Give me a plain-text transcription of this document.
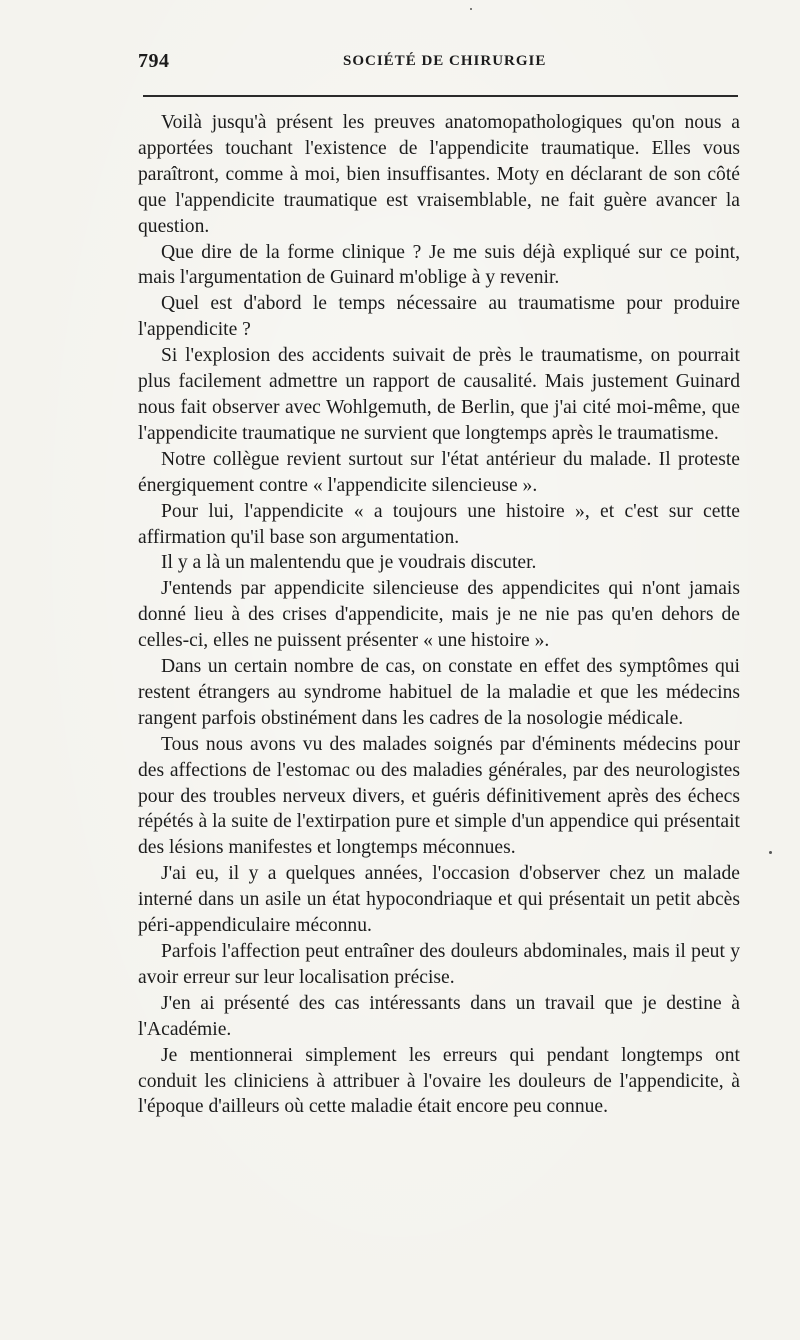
794	SOCIÉTÉ DE CHIRURGIE

Voilà jusqu'à présent les preuves anatomopathologiques qu'on nous a apportées touchant l'existence de l'appendicite traumatique. Elles vous paraîtront, comme à moi, bien insuffisantes. Moty en déclarant de son côté que l'appendicite traumatique est vraisemblable, ne fait guère avancer la question.

Que dire de la forme clinique ? Je me suis déjà expliqué sur ce point, mais l'argumentation de Guinard m'oblige à y revenir.

Quel est d'abord le temps nécessaire au traumatisme pour produire l'appendicite ?

Si l'explosion des accidents suivait de près le traumatisme, on pourrait plus facilement admettre un rapport de causalité. Mais justement Guinard nous fait observer avec Wohlgemuth, de Berlin, que j'ai cité moi-même, que l'appendicite traumatique ne survient que longtemps après le traumatisme.

Notre collègue revient surtout sur l'état antérieur du malade. Il proteste énergiquement contre « l'appendicite silencieuse ».

Pour lui, l'appendicite « a toujours une histoire », et c'est sur cette affirmation qu'il base son argumentation.

Il y a là un malentendu que je voudrais discuter.

J'entends par appendicite silencieuse des appendicites qui n'ont jamais donné lieu à des crises d'appendicite, mais je ne nie pas qu'en dehors de celles-ci, elles ne puissent présenter « une histoire ».

Dans un certain nombre de cas, on constate en effet des symptômes qui restent étrangers au syndrome habituel de la maladie et que les médecins rangent parfois obstinément dans les cadres de la nosologie médicale.

Tous nous avons vu des malades soignés par d'éminents médecins pour des affections de l'estomac ou des maladies générales, par des neurologistes pour des troubles nerveux divers, et guéris définitivement après des échecs répétés à la suite de l'extirpation pure et simple d'un appendice qui présentait des lésions manifestes et longtemps méconnues.

J'ai eu, il y a quelques années, l'occasion d'observer chez un malade interné dans un asile un état hypocondriaque et qui présentait un petit abcès péri-appendiculaire méconnu.

Parfois l'affection peut entraîner des douleurs abdominales, mais il peut y avoir erreur sur leur localisation précise.

J'en ai présenté des cas intéressants dans un travail que je destine à l'Académie.

Je mentionnerai simplement les erreurs qui pendant longtemps ont conduit les cliniciens à attribuer à l'ovaire les douleurs de l'appendicite, à l'époque d'ailleurs où cette maladie était encore peu connue.
